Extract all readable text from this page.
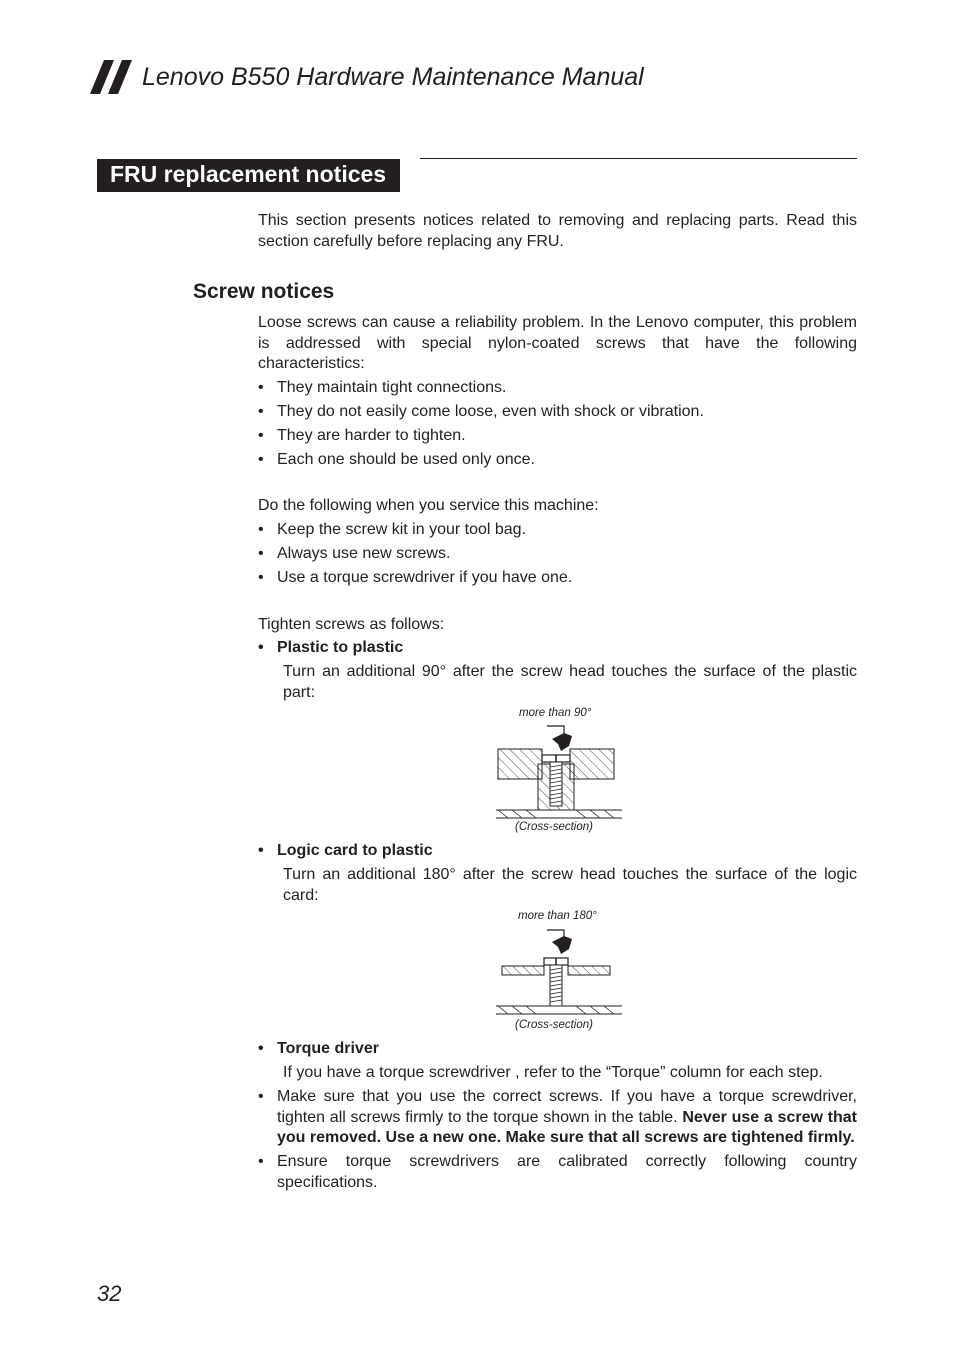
Lenovo B550 Hardware Maintenance Manual
FRU replacement notices
This section presents notices related to removing and replacing parts. Read this section carefully before replacing any FRU.
Screw notices
Loose screws can cause a reliability problem. In the Lenovo computer, this problem is addressed with special nylon-coated screws that have the following characteristics:
• They maintain tight connections.
• They do not easily come loose, even with shock or vibration.
• They are harder to tighten.
• Each one should be used only once.
Do the following when you service this machine:
• Keep the screw kit in your tool bag.
• Always use new screws.
• Use a torque screwdriver if you have one.
Tighten screws as follows:
• Plastic to plastic
Turn an additional 90° after the screw head touches the surface of the plastic part:
more than 90°
(Cross-section)
• Logic card to plastic
Turn an additional 180° after the screw head touches the surface of the logic card:
more than 180°
(Cross-section)
• Torque driver
If you have a torque screwdriver , refer to the “Torque” column for each step.
• Make sure that you use the correct screws. If you have a torque screwdriver, tighten all screws firmly to the torque shown in the table. Never use a screw that you removed. Use a new one. Make sure that all screws are tightened firmly.
• Ensure torque screwdrivers are calibrated correctly following country specifications.
32
